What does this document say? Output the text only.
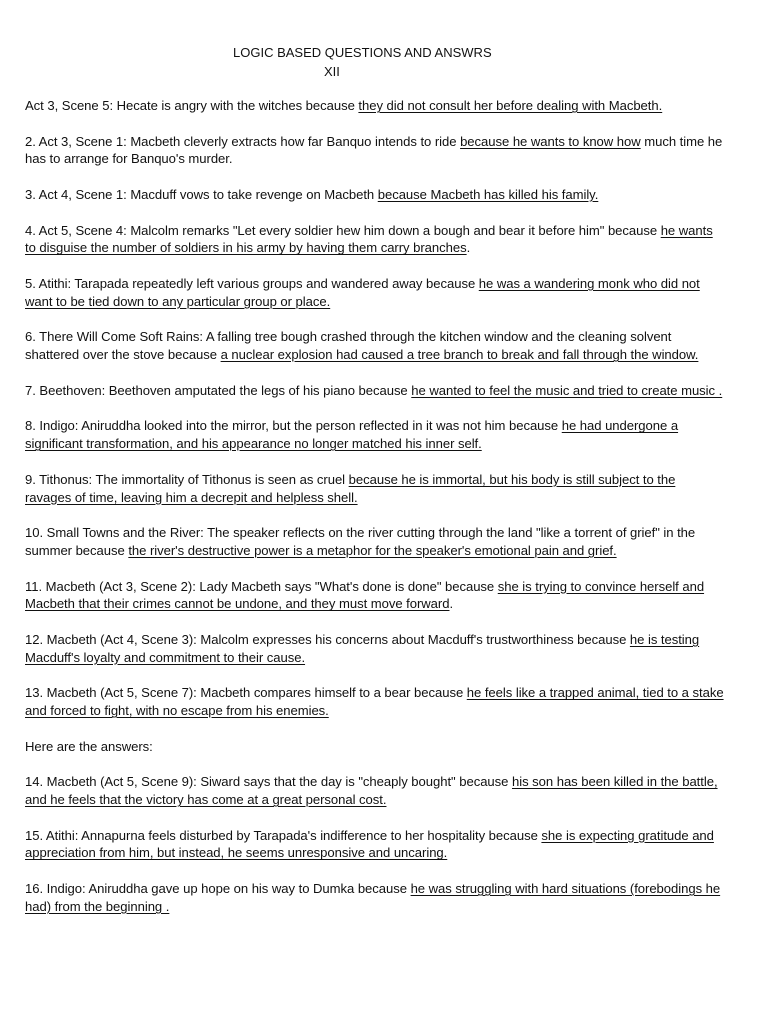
LOGIC BASED QUESTIONS AND ANSWRS
XII

Act 3, Scene 5: Hecate is angry with the witches because they did not consult her before dealing with Macbeth.

2. Act 3, Scene 1: Macbeth cleverly extracts how far Banquo intends to ride because he wants to know how much time he has to arrange for Banquo's murder.

3. Act 4, Scene 1: Macduff vows to take revenge on Macbeth because Macbeth has killed his family.

4. Act 5, Scene 4: Malcolm remarks "Let every soldier hew him down a bough and bear it before him" because he wants to disguise the number of soldiers in his army by having them carry branches.

5. Atithi: Tarapada repeatedly left various groups and wandered away because he was a wandering monk who did not want to be tied down to any particular group or place.

6. There Will Come Soft Rains: A falling tree bough crashed through the kitchen window and the cleaning solvent shattered over the stove because a nuclear explosion had caused a tree branch to break and fall through the window.

7. Beethoven: Beethoven amputated the legs of his piano because he wanted to feel the music and tried to create music .

8. Indigo: Aniruddha looked into the mirror, but the person reflected in it was not him because he had undergone a significant transformation, and his appearance no longer matched his inner self.

9. Tithonus: The immortality of Tithonus is seen as cruel because he is immortal, but his body is still subject to the ravages of time, leaving him a decrepit and helpless shell.

10. Small Towns and the River: The speaker reflects on the river cutting through the land "like a torrent of grief" in the summer because the river's destructive power is a metaphor for the speaker's emotional pain and grief.

11. Macbeth (Act 3, Scene 2): Lady Macbeth says "What's done is done" because she is trying to convince herself and Macbeth that their crimes cannot be undone, and they must move forward.

12. Macbeth (Act 4, Scene 3): Malcolm expresses his concerns about Macduff's trustworthiness because he is testing Macduff's loyalty and commitment to their cause.

13. Macbeth (Act 5, Scene 7): Macbeth compares himself to a bear because he feels like a trapped animal, tied to a stake and forced to fight, with no escape from his enemies.

Here are the answers:

14. Macbeth (Act 5, Scene 9): Siward says that the day is "cheaply bought" because his son has been killed in the battle, and he feels that the victory has come at a great personal cost.

15. Atithi: Annapurna feels disturbed by Tarapada's indifference to her hospitality because she is expecting gratitude and appreciation from him, but instead, he seems unresponsive and uncaring.

16. Indigo: Aniruddha gave up hope on his way to Dumka because he was struggling with hard situations (forebodings he had) from the beginning .
